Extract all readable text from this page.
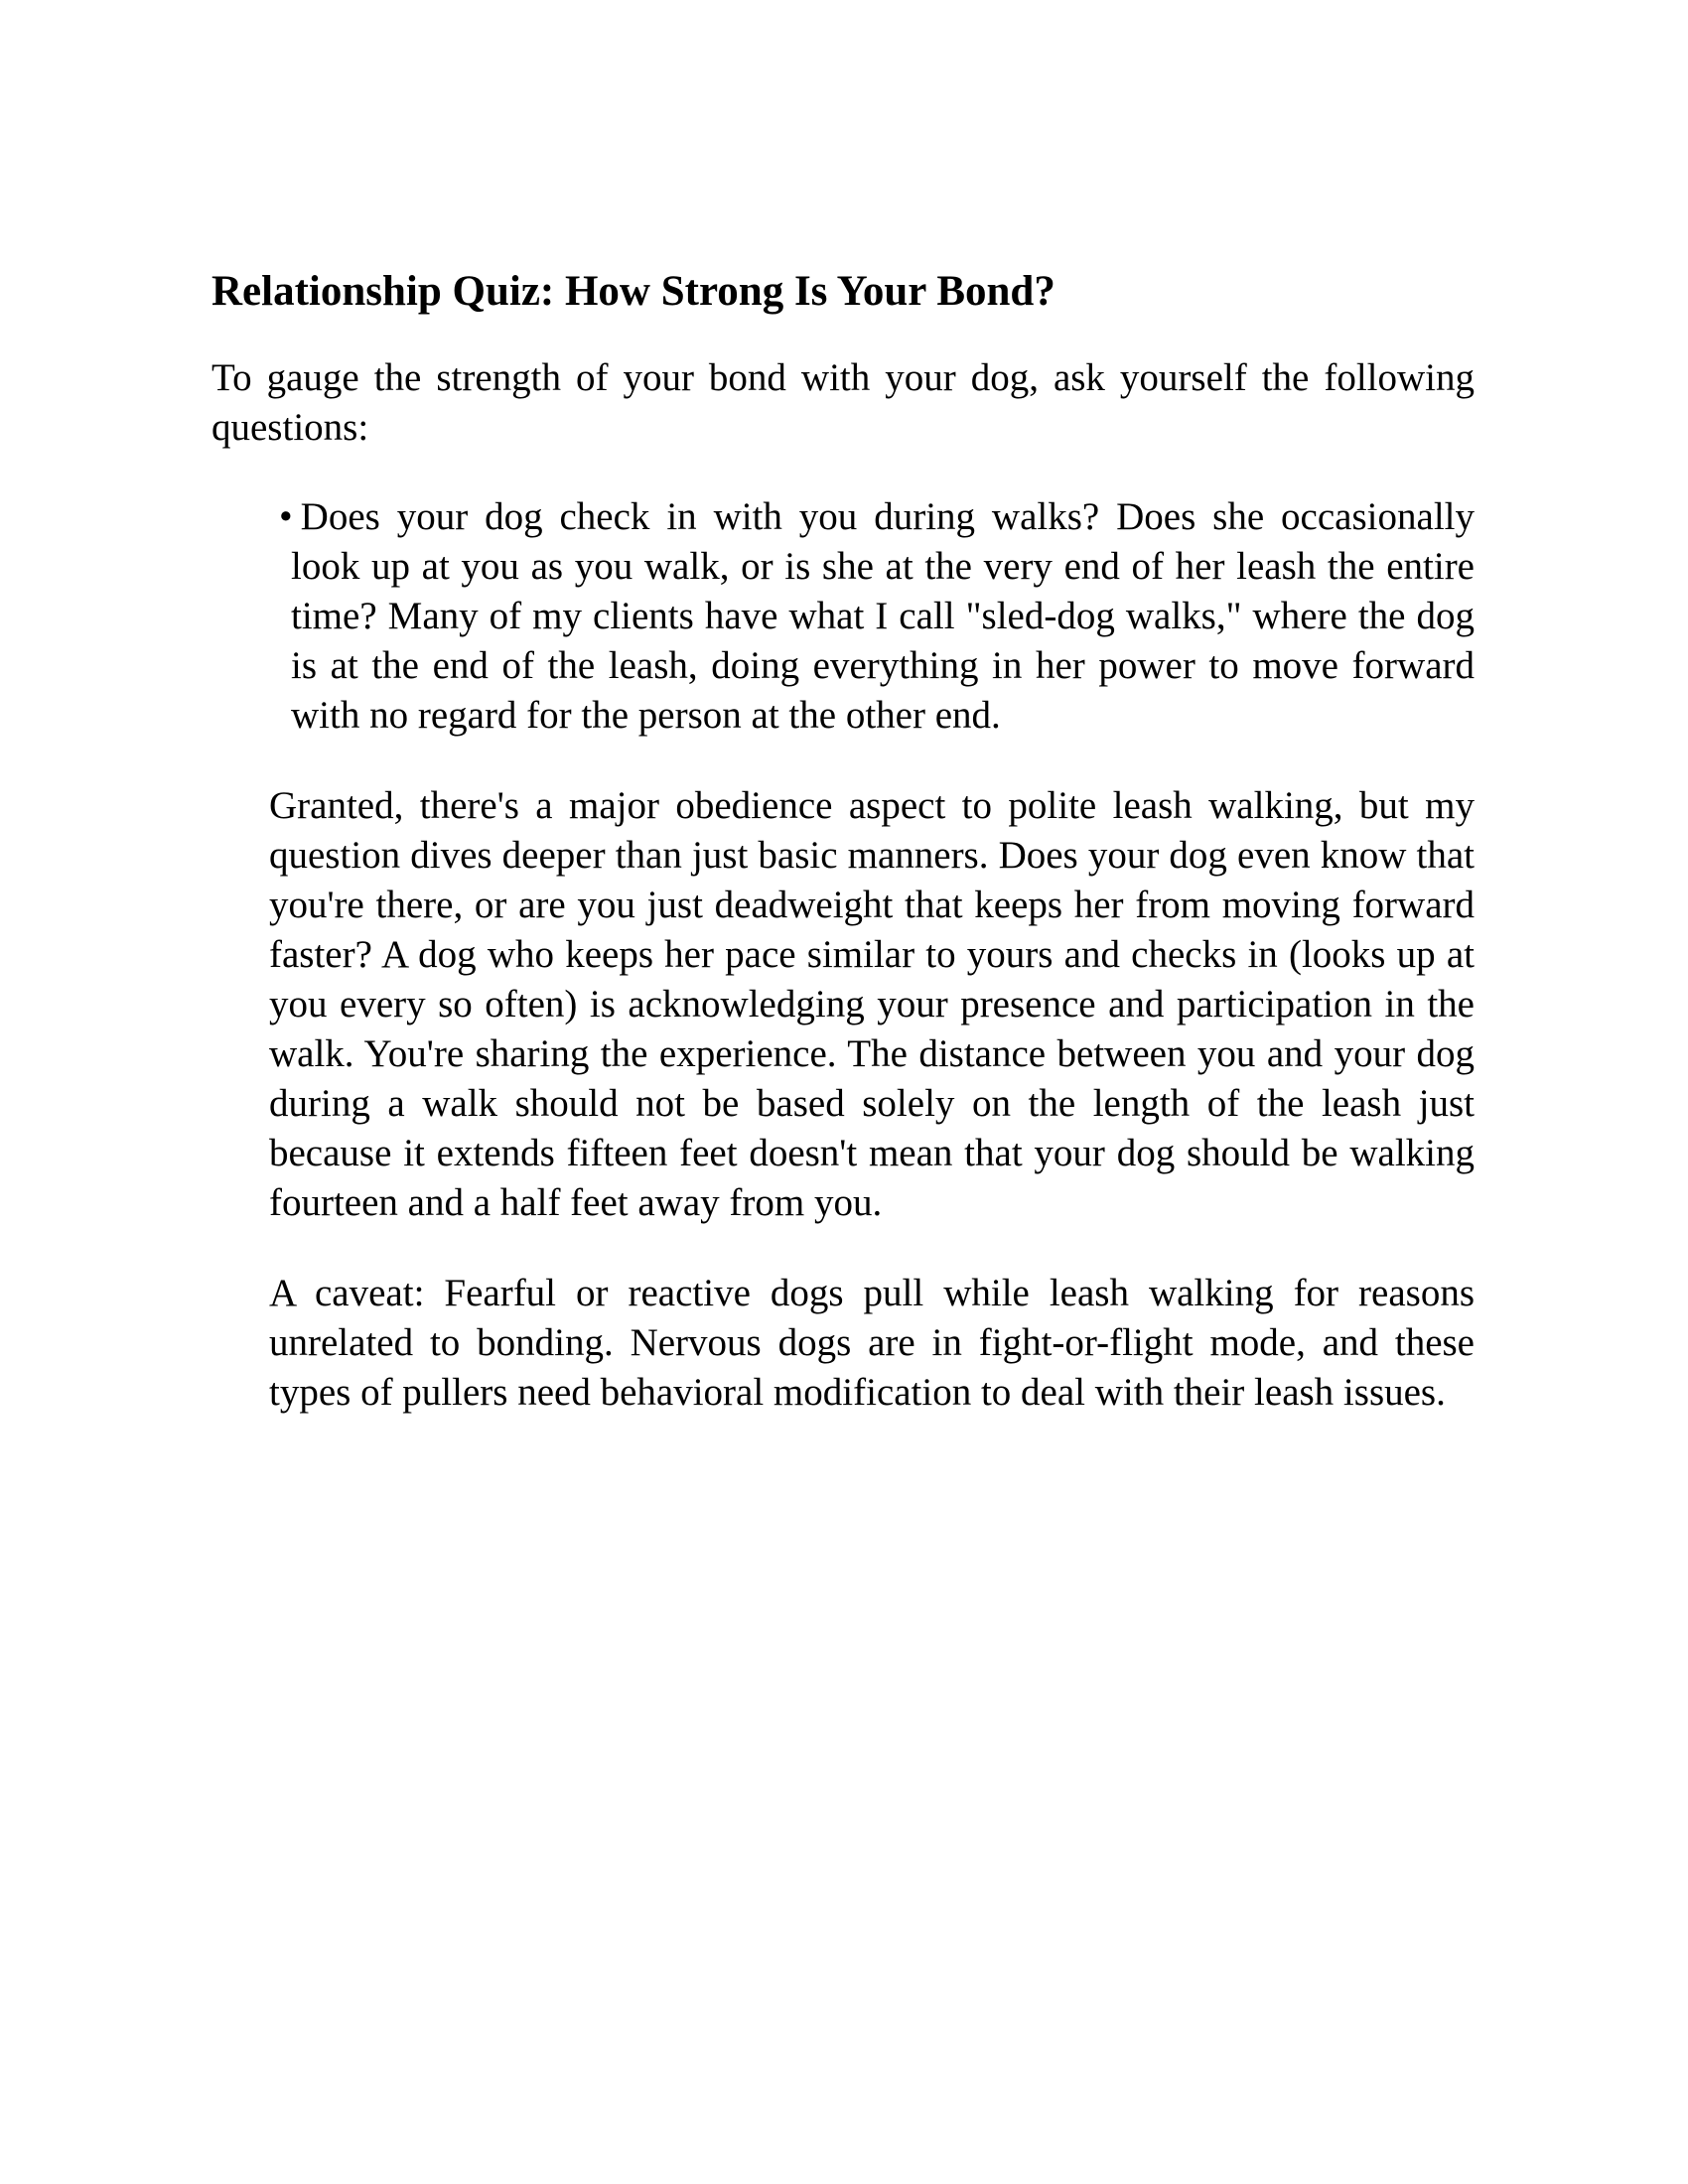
Relationship Quiz: How Strong Is Your Bond?

To gauge the strength of your bond with your dog, ask yourself the following questions:

• Does your dog check in with you during walks? Does she occasionally look up at you as you walk, or is she at the very end of her leash the entire time? Many of my clients have what I call "sled-dog walks," where the dog is at the end of the leash, doing everything in her power to move forward with no regard for the person at the other end.

Granted, there's a major obedience aspect to polite leash walking, but my question dives deeper than just basic manners. Does your dog even know that you're there, or are you just deadweight that keeps her from moving forward faster? A dog who keeps her pace similar to yours and checks in (looks up at you every so often) is acknowledging your presence and participation in the walk. You're sharing the experience. The distance between you and your dog during a walk should not be based solely on the length of the leash just because it extends fifteen feet doesn't mean that your dog should be walking fourteen and a half feet away from you.

A caveat: Fearful or reactive dogs pull while leash walking for reasons unrelated to bonding. Nervous dogs are in fight-or-flight mode, and these types of pullers need behavioral modification to deal with their leash issues.
